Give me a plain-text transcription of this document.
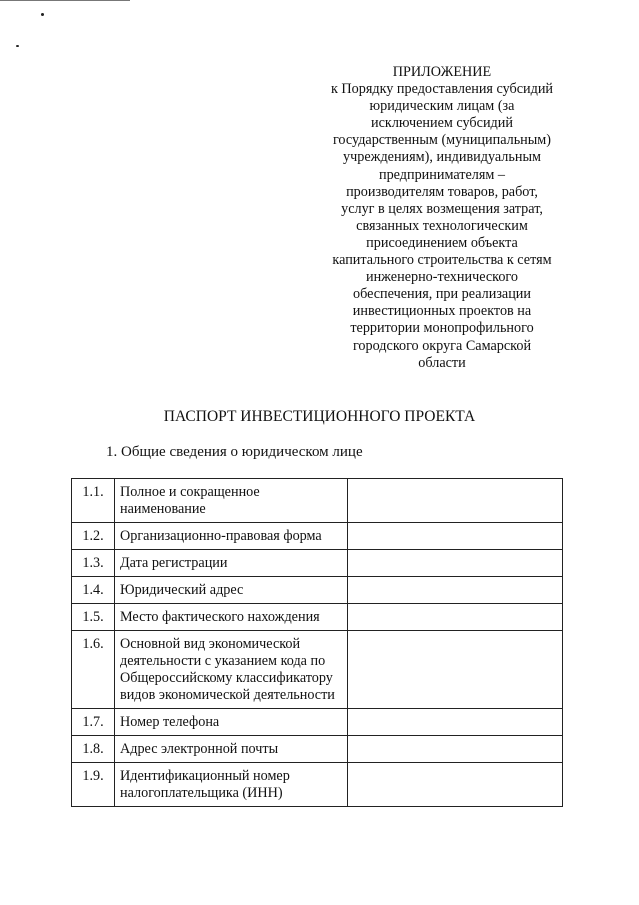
ПРИЛОЖЕНИЕ
к Порядку предоставления субсидий
юридическим лицам (за
исключением субсидий
государственным (муниципальным)
учреждениям), индивидуальным
предпринимателям –
производителям товаров, работ,
услуг в целях возмещения затрат,
связанных технологическим
присоединением объекта
капитального строительства к сетям
инженерно-технического
обеспечения, при реализации
инвестиционных проектов на
территории монопрофильного
городского округа Самарской
области
ПАСПОРТ ИНВЕСТИЦИОННОГО ПРОЕКТА
1. Общие сведения о юридическом лице
1.1.	Полное и сокращенное наименование	
1.2.	Организационно-правовая форма	
1.3.	Дата регистрации	
1.4.	Юридический адрес	
1.5.	Место фактического нахождения	
1.6.	Основной вид экономической деятельности с указанием кода по Общероссийскому классификатору видов экономической деятельности	
1.7.	Номер телефона	
1.8.	Адрес электронной почты	
1.9.	Идентификационный номер налогоплательщика (ИНН)	
